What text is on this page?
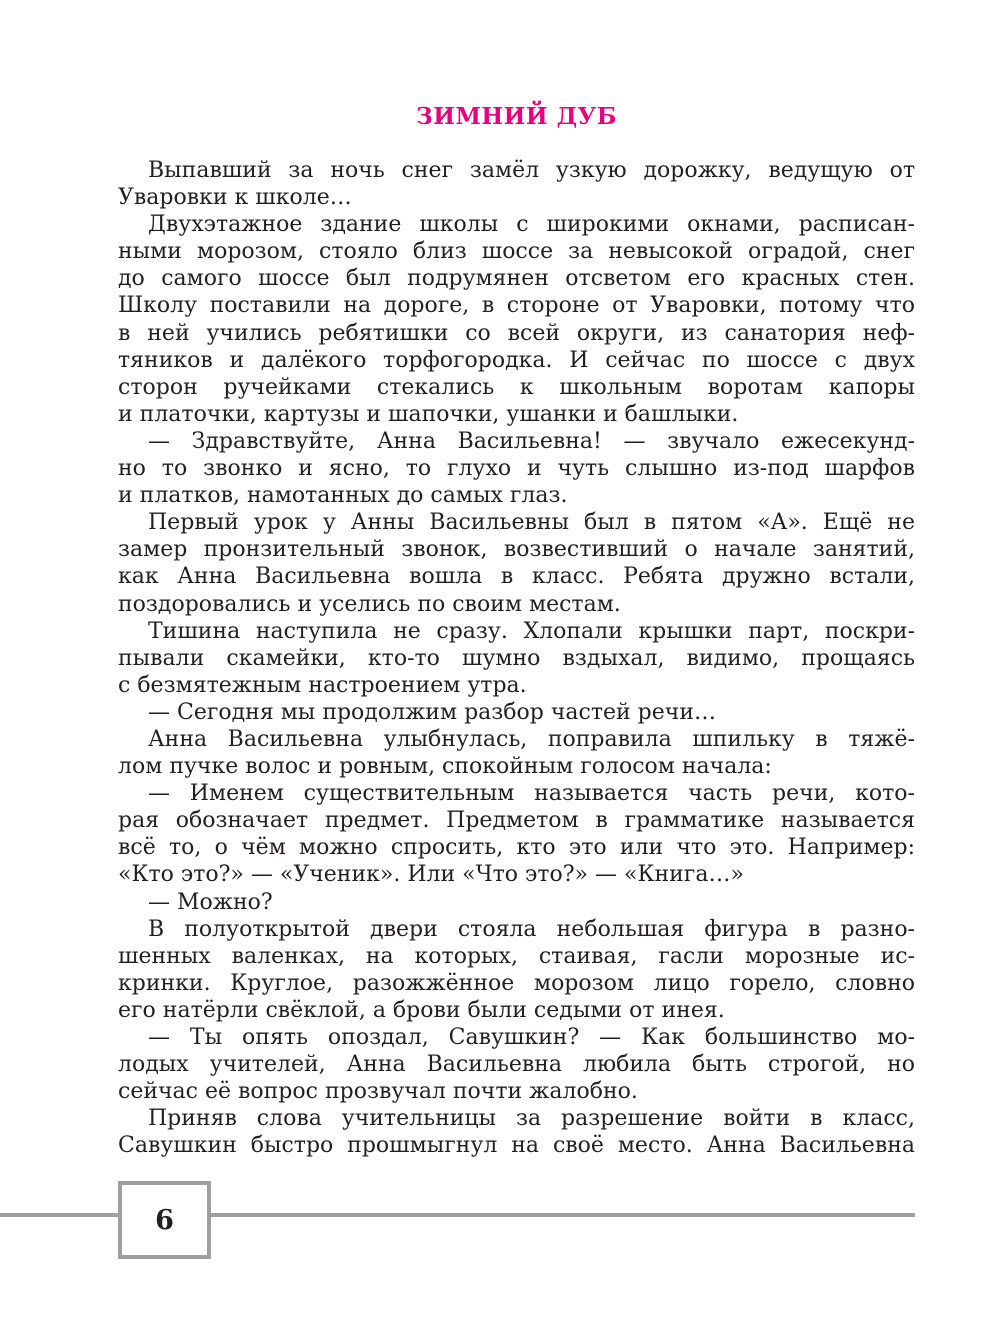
ЗИМНИЙ ДУБ
Выпавший за ночь снег замёл узкую дорожку, ведущую от
Уваровки к школе…
Двухэтажное здание школы с широкими окнами, расписан-
ными морозом, стояло близ шоссе за невысокой оградой, снег
до самого шоссе был подрумянен отсветом его красных стен.
Школу поставили на дороге, в стороне от Уваровки, потому что
в ней учились ребятишки со всей округи, из санатория неф-
тяников и далёкого торфогородка. И сейчас по шоссе с двух
сторон ручейками стекались к школьным воротам капоры
и платочки, картузы и шапочки, ушанки и башлыки.
— Здравствуйте, Анна Васильевна! — звучало ежесекунд-
но то звонко и ясно, то глухо и чуть слышно из-под шарфов
и платков, намотанных до самых глаз.
Первый урок у Анны Васильевны был в пятом «А». Ещё не
замер пронзительный звонок, возвестивший о начале занятий,
как Анна Васильевна вошла в класс. Ребята дружно встали,
поздоровались и уселись по своим местам.
Тишина наступила не сразу. Хлопали крышки парт, поскри-
пывали скамейки, кто-то шумно вздыхал, видимо, прощаясь
с безмятежным настроением утра.
— Сегодня мы продолжим разбор частей речи…
Анна Васильевна улыбнулась, поправила шпильку в тяжё-
лом пучке волос и ровным, спокойным голосом начала:
— Именем существительным называется часть речи, кото-
рая обозначает предмет. Предметом в грамматике называется
всё то, о чём можно спросить, кто это или что это. Например:
«Кто это?» — «Ученик». Или «Что это?» — «Книга…»
— Можно?
В полуоткрытой двери стояла небольшая фигура в разно-
шенных валенках, на которых, стаивая, гасли морозные ис-
кринки. Круглое, разожжённое морозом лицо горело, словно
его натёрли свёклой, а брови были седыми от инея.
— Ты опять опоздал, Савушкин? — Как большинство мо-
лодых учителей, Анна Васильевна любила быть строгой, но
сейчас её вопрос прозвучал почти жалобно.
Приняв слова учительницы за разрешение войти в класс,
Савушкин быстро прошмыгнул на своё место. Анна Васильевна
6
